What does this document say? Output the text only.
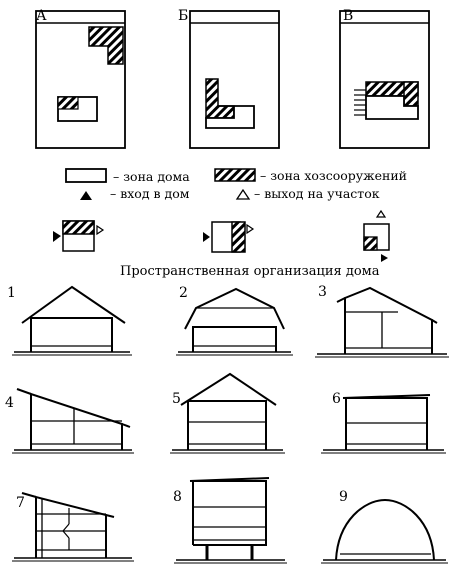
А	Б	В
– зона дома	– зона хозсооружений
– вход в дом	– выход на участок
Пространственная организация дома
1	2	3
4	5	6
7	8	9
